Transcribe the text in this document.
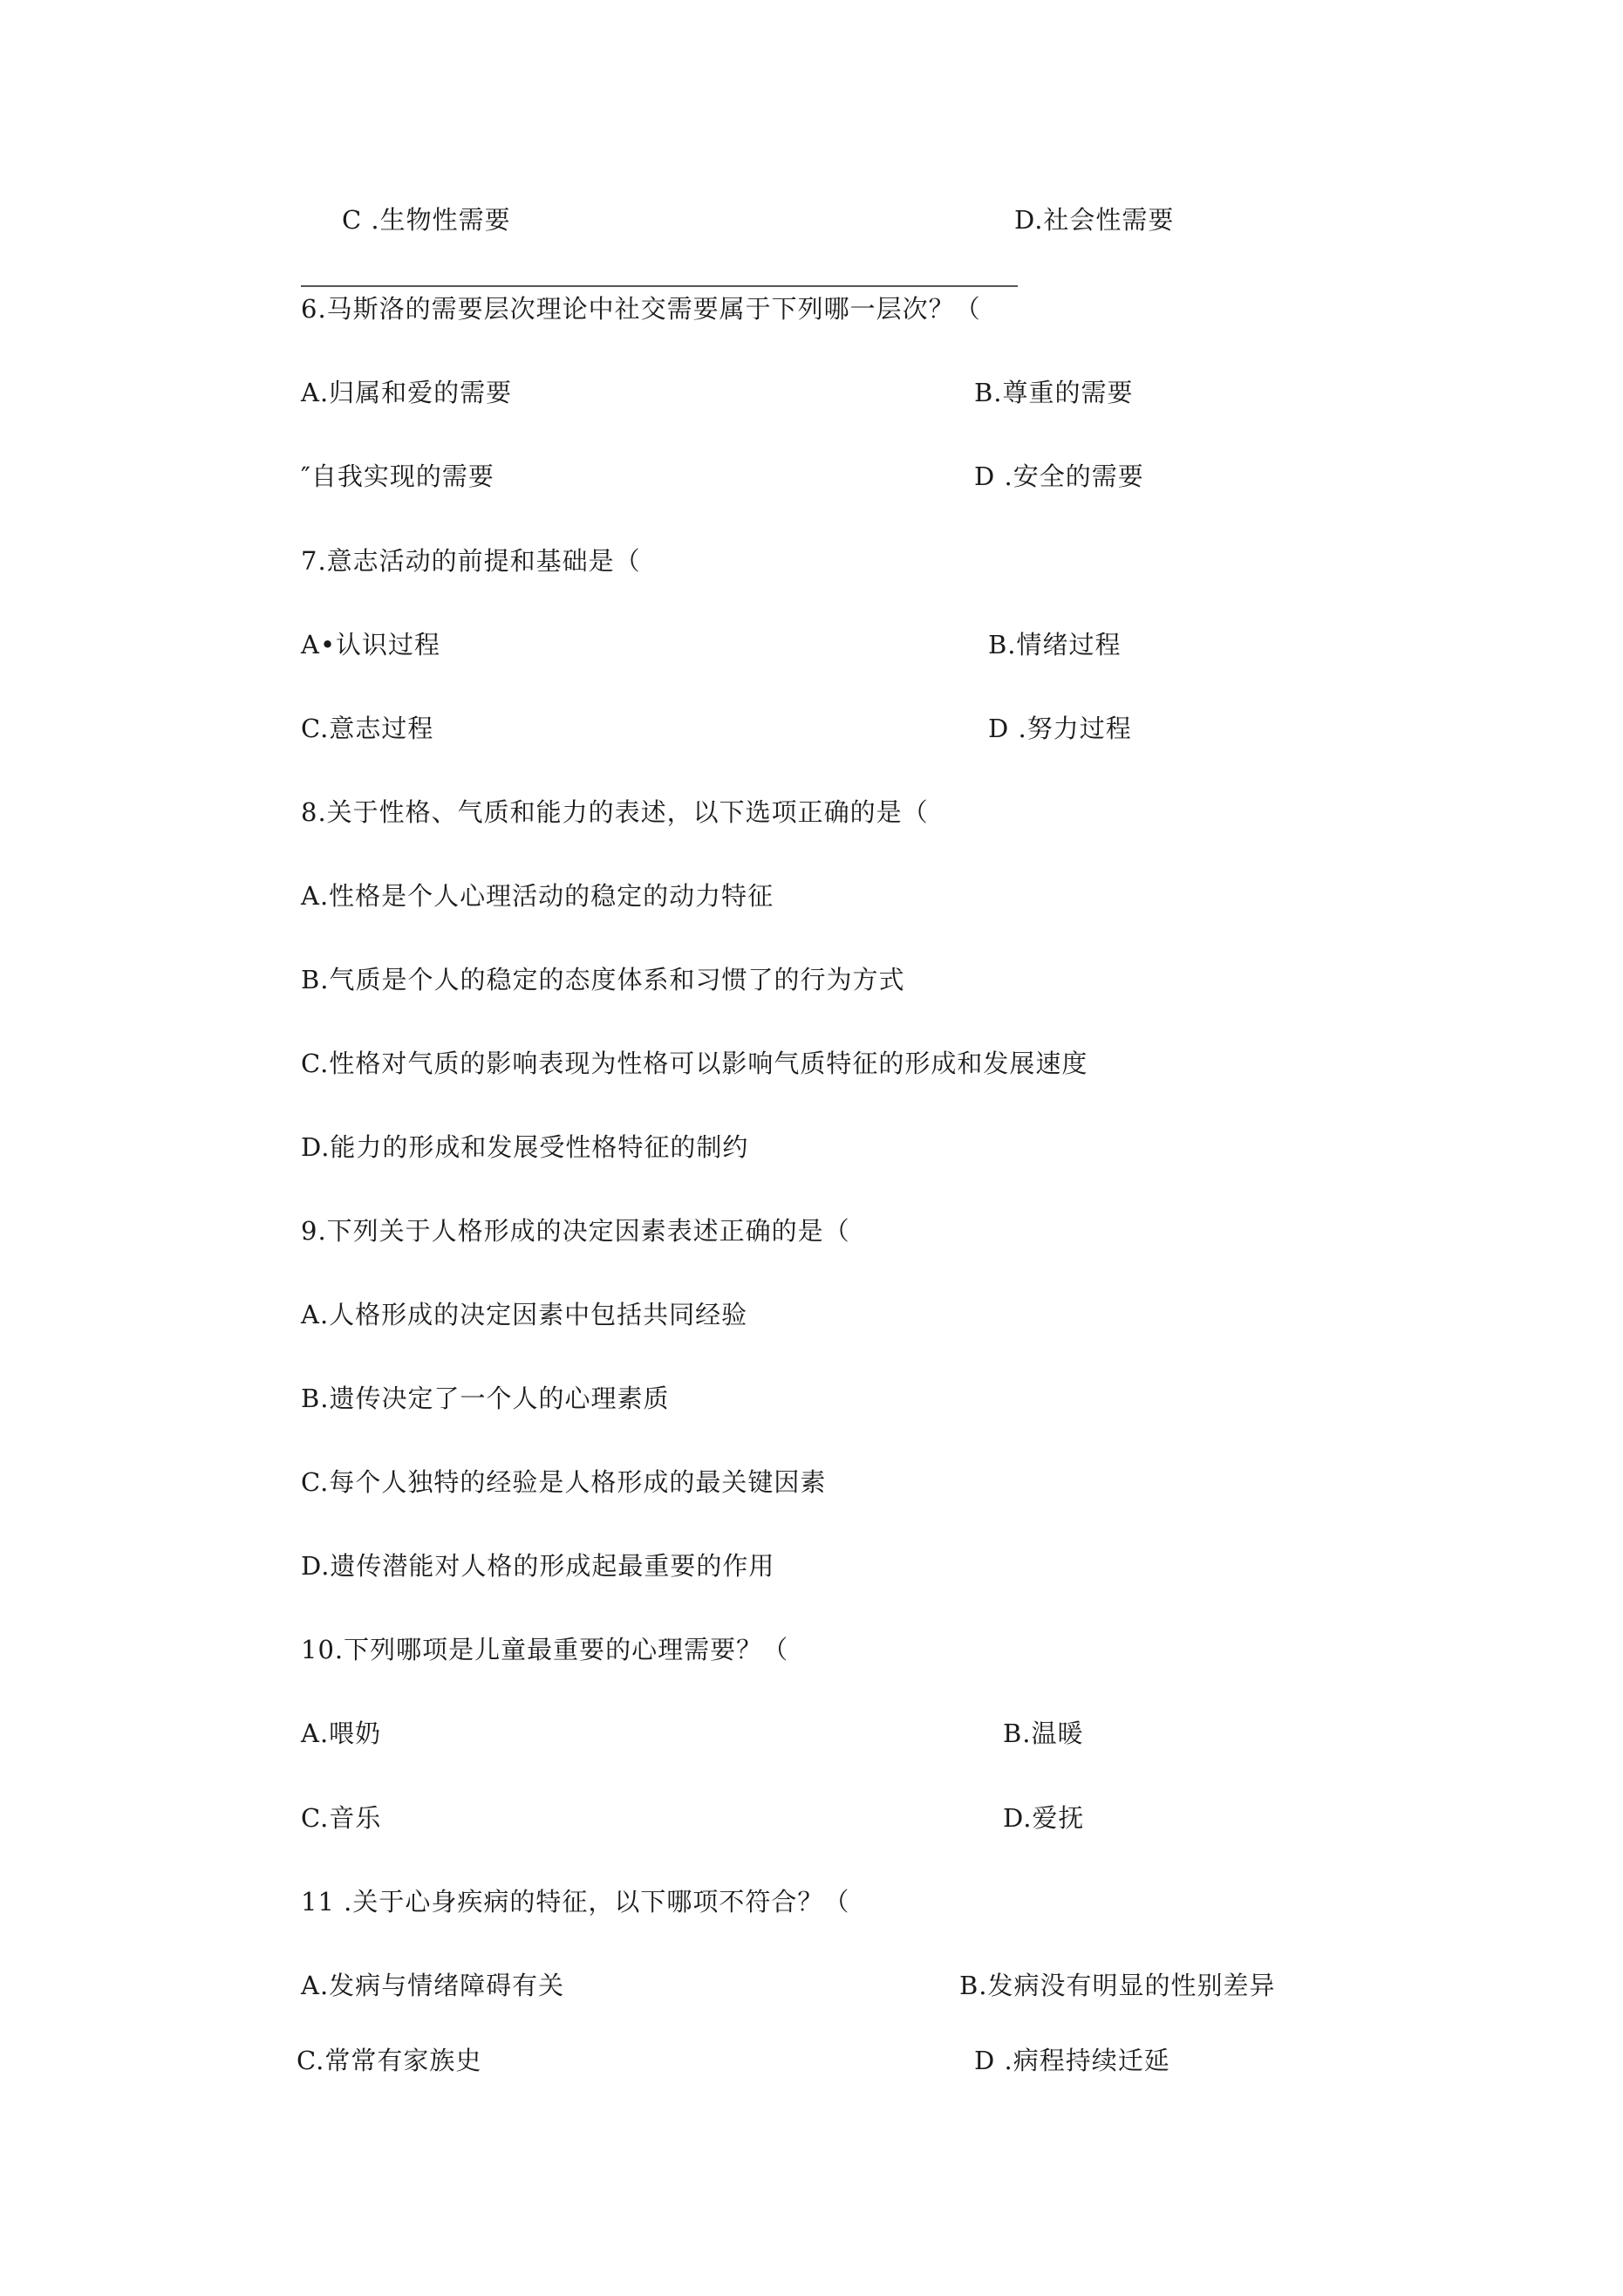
C .生物性需要	D.社会性需要
6.马斯洛的需要层次理论中社交需要属于下列哪一层次？（
A.归属和爱的需要	B.尊重的需要
″自我实现的需要	D .安全的需要
7.意志活动的前提和基础是（
A•认识过程	B.情绪过程
C.意志过程	D .努力过程
8.关于性格、气质和能力的表述，以下选项正确的是（
A.性格是个人心理活动的稳定的动力特征
B.气质是个人的稳定的态度体系和习惯了的行为方式
C.性格对气质的影响表现为性格可以影响气质特征的形成和发展速度
D.能力的形成和发展受性格特征的制约
9.下列关于人格形成的决定因素表述正确的是（
A.人格形成的决定因素中包括共同经验
B.遗传决定了一个人的心理素质
C.每个人独特的经验是人格形成的最关键因素
D.遗传潜能对人格的形成起最重要的作用
10.下列哪项是儿童最重要的心理需要？（
A.喂奶	B.温暖
C.音乐	D.爱抚
11 .关于心身疾病的特征，以下哪项不符合？（
A.发病与情绪障碍有关	B.发病没有明显的性别差异
C.常常有家族史	D .病程持续迁延
